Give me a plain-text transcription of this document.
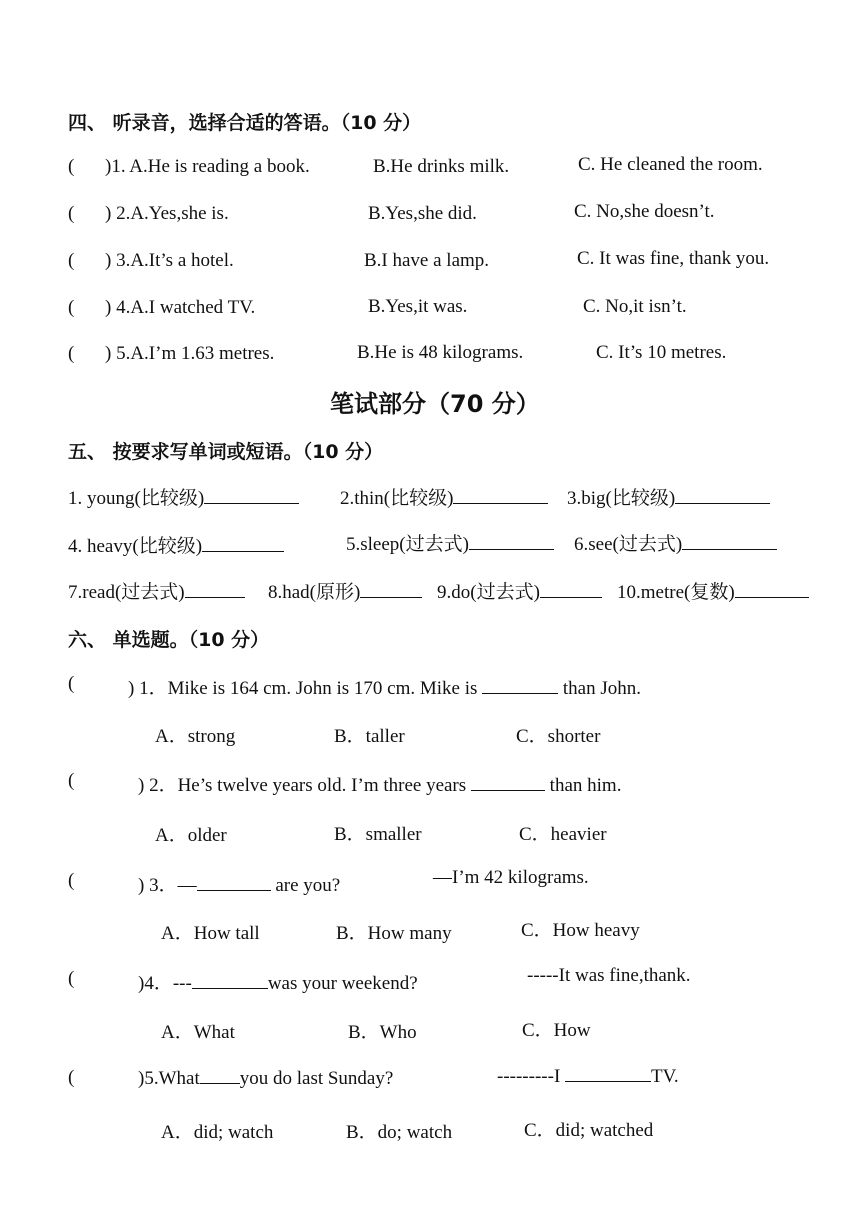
四、 听录音，选择合适的答语。（10 分）
( )1. A.He is reading a book.	B.He drinks milk.	C. He cleaned the room.
( ) 2.A.Yes,she is.	B.Yes,she did.	C. No,she doesn’t.
( ) 3.A.It’s a hotel.	B.I have a lamp.	C. It was fine, thank you.
( ) 4.A.I watched TV.	B.Yes,it was.	C. No,it isn’t.
( ) 5.A.I’m 1.63 metres.	B.He is 48 kilograms.	C. It’s 10 metres.
笔试部分（70 分）
五、 按要求写单词或短语。（10 分）
1. young(比较级)	2.thin(比较级)	3.big(比较级)
4. heavy(比较级)	5.sleep(过去式)	6.see(过去式)
7.read(过去式)	8.had(原形)	9.do(过去式)	10.metre(复数)
六、 单选题。（10 分）
(	) 1．Mike is 164 cm. John is 170 cm. Mike is	than John.
A．strong	B．taller	C．shorter
(	) 2．He’s twelve years old. I’m three years	than him.
A．older	B．smaller	C．heavier
(	) 3．—	are you?	—I’m 42 kilograms.
A．How tall	B．How many	C．How heavy
(	)4．---	was your weekend?	-----It was fine,thank.
A．What	B．Who	C．How
(	)5.What you do last Sunday?	---------I	TV.
A．did; watch	B．do; watch	C．did; watched
